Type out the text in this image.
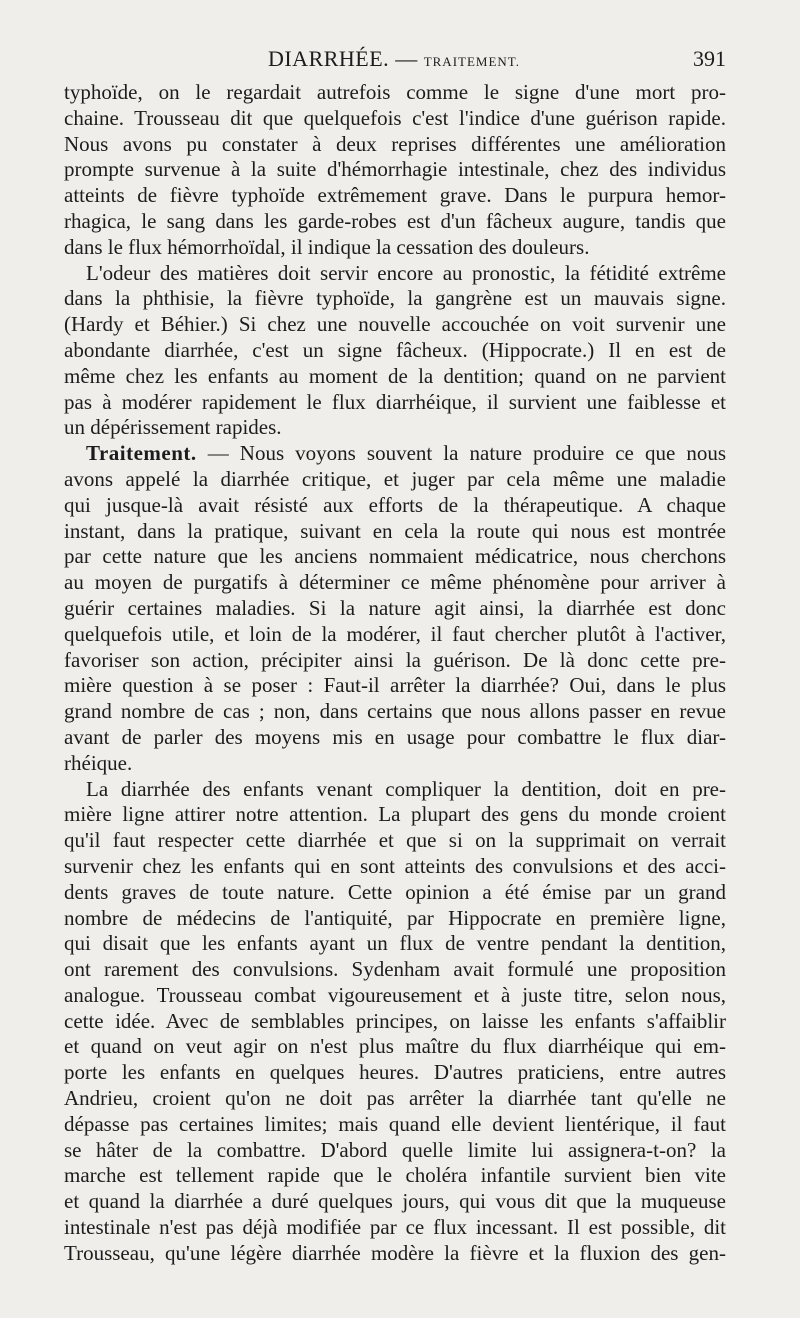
DIARRHÉE. — TRAITEMENT.	391
typhoïde, on le regardait autrefois comme le signe d'une mort pro-
chaine. Trousseau dit que quelquefois c'est l'indice d'une guérison rapide.
Nous avons pu constater à deux reprises différentes une amélioration
prompte survenue à la suite d'hémorrhagie intestinale, chez des individus
atteints de fièvre typhoïde extrêmement grave. Dans le purpura hemor-
rhagica, le sang dans les garde-robes est d'un fâcheux augure, tandis que
dans le flux hémorrhoïdal, il indique la cessation des douleurs.
L'odeur des matières doit servir encore au pronostic, la fétidité extrême
dans la phthisie, la fièvre typhoïde, la gangrène est un mauvais signe.
(Hardy et Béhier.) Si chez une nouvelle accouchée on voit survenir une
abondante diarrhée, c'est un signe fâcheux. (Hippocrate.) Il en est de
même chez les enfants au moment de la dentition; quand on ne parvient
pas à modérer rapidement le flux diarrhéique, il survient une faiblesse et
un dépérissement rapides.
Traitement. — Nous voyons souvent la nature produire ce que nous
avons appelé la diarrhée critique, et juger par cela même une maladie
qui jusque-là avait résisté aux efforts de la thérapeutique. A chaque
instant, dans la pratique, suivant en cela la route qui nous est montrée
par cette nature que les anciens nommaient médicatrice, nous cherchons
au moyen de purgatifs à déterminer ce même phénomène pour arriver à
guérir certaines maladies. Si la nature agit ainsi, la diarrhée est donc
quelquefois utile, et loin de la modérer, il faut chercher plutôt à l'activer,
favoriser son action, précipiter ainsi la guérison. De là donc cette pre-
mière question à se poser : Faut-il arrêter la diarrhée? Oui, dans le plus
grand nombre de cas ; non, dans certains que nous allons passer en revue
avant de parler des moyens mis en usage pour combattre le flux diar-
rhéique.
La diarrhée des enfants venant compliquer la dentition, doit en pre-
mière ligne attirer notre attention. La plupart des gens du monde croient
qu'il faut respecter cette diarrhée et que si on la supprimait on verrait
survenir chez les enfants qui en sont atteints des convulsions et des acci-
dents graves de toute nature. Cette opinion a été émise par un grand
nombre de médecins de l'antiquité, par Hippocrate en première ligne,
qui disait que les enfants ayant un flux de ventre pendant la dentition,
ont rarement des convulsions. Sydenham avait formulé une proposition
analogue. Trousseau combat vigoureusement et à juste titre, selon nous,
cette idée. Avec de semblables principes, on laisse les enfants s'affaiblir
et quand on veut agir on n'est plus maître du flux diarrhéique qui em-
porte les enfants en quelques heures. D'autres praticiens, entre autres
Andrieu, croient qu'on ne doit pas arrêter la diarrhée tant qu'elle ne
dépasse pas certaines limites; mais quand elle devient lientérique, il faut
se hâter de la combattre. D'abord quelle limite lui assignera-t-on? la
marche est tellement rapide que le choléra infantile survient bien vite
et quand la diarrhée a duré quelques jours, qui vous dit que la muqueuse
intestinale n'est pas déjà modifiée par ce flux incessant. Il est possible, dit
Trousseau, qu'une légère diarrhée modère la fièvre et la fluxion des gen-
